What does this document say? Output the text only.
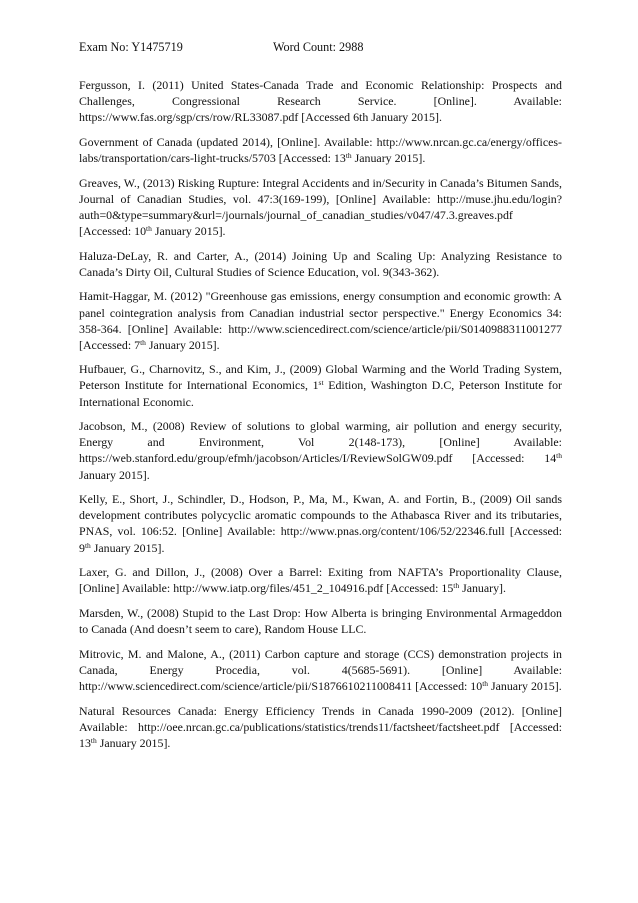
Exam No: Y1475719	Word Count: 2988

Fergusson, I. (2011) United States-Canada Trade and Economic Relationship: Prospects and Challenges, Congressional Research Service. [Online]. Available: https://www.fas.org/sgp/crs/row/RL33087.pdf [Accessed 6th January 2015].

Government of Canada (updated 2014), [Online]. Available: http://www.nrcan.gc.ca/energy/offices-labs/transportation/cars-light-trucks/5703 [Accessed: 13th January 2015].

Greaves, W., (2013) Risking Rupture: Integral Accidents and in/Security in Canada’s Bitumen Sands, Journal of Canadian Studies, vol. 47:3(169-199), [Online] Available: http://muse.jhu.edu/login?auth=0&type=summary&url=/journals/journal_of_canadian_studies/v047/47.3.greaves.pdf [Accessed: 10th January 2015].

Haluza-DeLay, R. and Carter, A., (2014) Joining Up and Scaling Up: Analyzing Resistance to Canada’s Dirty Oil, Cultural Studies of Science Education, vol. 9(343-362).

Hamit-Haggar, M. (2012) "Greenhouse gas emissions, energy consumption and economic growth: A panel cointegration analysis from Canadian industrial sector perspective." Energy Economics 34: 358-364. [Online] Available: http://www.sciencedirect.com/science/article/pii/S0140988311001277 [Accessed: 7th January 2015].

Hufbauer, G., Charnovitz, S., and Kim, J., (2009) Global Warming and the World Trading System, Peterson Institute for International Economics, 1st Edition, Washington D.C, Peterson Institute for International Economic.

Jacobson, M., (2008) Review of solutions to global warming, air pollution and energy security, Energy and Environment, Vol 2(148-173), [Online] Available: https://web.stanford.edu/group/efmh/jacobson/Articles/I/ReviewSolGW09.pdf [Accessed: 14th January 2015].

Kelly, E., Short, J., Schindler, D., Hodson, P., Ma, M., Kwan, A. and Fortin, B., (2009) Oil sands development contributes polycyclic aromatic compounds to the Athabasca River and its tributaries, PNAS, vol. 106:52. [Online] Available: http://www.pnas.org/content/106/52/22346.full [Accessed: 9th January 2015].

Laxer, G. and Dillon, J., (2008) Over a Barrel: Exiting from NAFTA’s Proportionality Clause, [Online] Available: http://www.iatp.org/files/451_2_104916.pdf [Accessed: 15th January].

Marsden, W., (2008) Stupid to the Last Drop: How Alberta is bringing Environmental Armageddon to Canada (And doesn’t seem to care), Random House LLC.

Mitrovic, M. and Malone, A., (2011) Carbon capture and storage (CCS) demonstration projects in Canada, Energy Procedia, vol. 4(5685-5691). [Online] Available: http://www.sciencedirect.com/science/article/pii/S1876610211008411 [Accessed: 10th January 2015].

Natural Resources Canada: Energy Efficiency Trends in Canada 1990-2009 (2012). [Online] Available: http://oee.nrcan.gc.ca/publications/statistics/trends11/factsheet/factsheet.pdf [Accessed: 13th January 2015].
